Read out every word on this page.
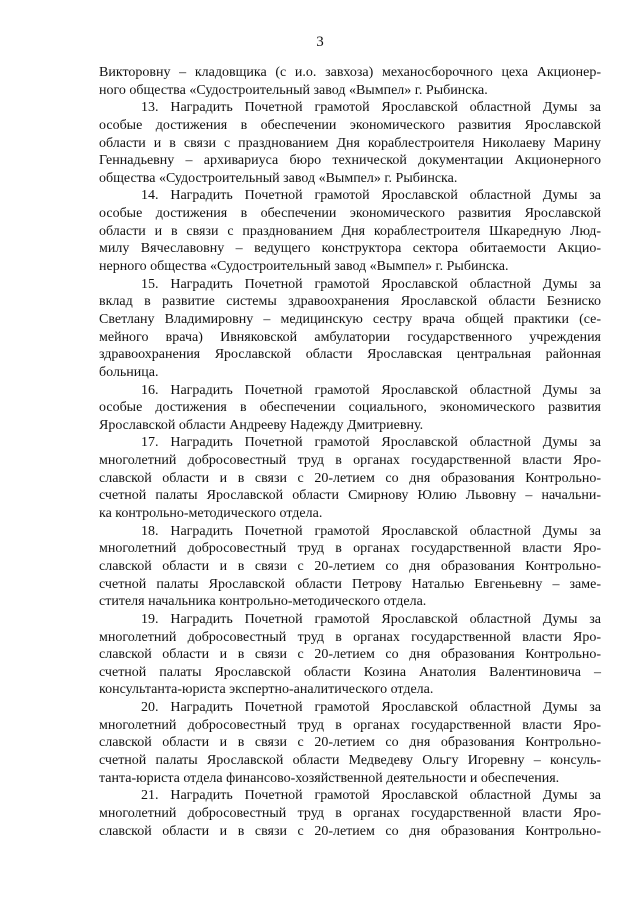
3
Викторовну – кладовщика (с и.о. завхоза) механосборочного цеха Акционер-
ного общества «Судостроительный завод «Вымпел» г. Рыбинска.
13. Наградить Почетной грамотой Ярославской областной Думы за
особые достижения в обеспечении экономического развития Ярославской
области и в связи с празднованием Дня кораблестроителя Николаеву Марину
Геннадьевну – архивариуса бюро технической документации Акционерного
общества «Судостроительный завод «Вымпел» г. Рыбинска.
14. Наградить Почетной грамотой Ярославской областной Думы за
особые достижения в обеспечении экономического развития Ярославской
области и в связи с празднованием Дня кораблестроителя Шкаредную Люд-
милу Вячеславовну – ведущего конструктора сектора обитаемости Акцио-
нерного общества «Судостроительный завод «Вымпел» г. Рыбинска.
15. Наградить Почетной грамотой Ярославской областной Думы за
вклад в развитие системы здравоохранения Ярославской области Безниско
Светлану Владимировну – медицинскую сестру врача общей практики (се-
мейного врача) Ивняковской амбулатории государственного учреждения
здравоохранения Ярославской области Ярославская центральная районная
больница.
16. Наградить Почетной грамотой Ярославской областной Думы за
особые достижения в обеспечении социального, экономического развития
Ярославской области Андрееву Надежду Дмитриевну.
17. Наградить Почетной грамотой Ярославской областной Думы за
многолетний добросовестный труд в органах государственной власти Яро-
славской области и в связи с 20-летием со дня образования Контрольно-
счетной палаты Ярославской области Смирнову Юлию Львовну – начальни-
ка контрольно-методического отдела.
18. Наградить Почетной грамотой Ярославской областной Думы за
многолетний добросовестный труд в органах государственной власти Яро-
славской области и в связи с 20-летием со дня образования Контрольно-
счетной палаты Ярославской области Петрову Наталью Евгеньевну – заме-
стителя начальника контрольно-методического отдела.
19. Наградить Почетной грамотой Ярославской областной Думы за
многолетний добросовестный труд в органах государственной власти Яро-
славской области и в связи с 20-летием со дня образования Контрольно-
счетной палаты Ярославской области Козина Анатолия Валентиновича –
консультанта-юриста экспертно-аналитического отдела.
20. Наградить Почетной грамотой Ярославской областной Думы за
многолетний добросовестный труд в органах государственной власти Яро-
славской области и в связи с 20-летием со дня образования Контрольно-
счетной палаты Ярославской области Медведеву Ольгу Игоревну – консуль-
танта-юриста отдела финансово-хозяйственной деятельности и обеспечения.
21. Наградить Почетной грамотой Ярославской областной Думы за
многолетний добросовестный труд в органах государственной власти Яро-
славской области и в связи с 20-летием со дня образования Контрольно-
